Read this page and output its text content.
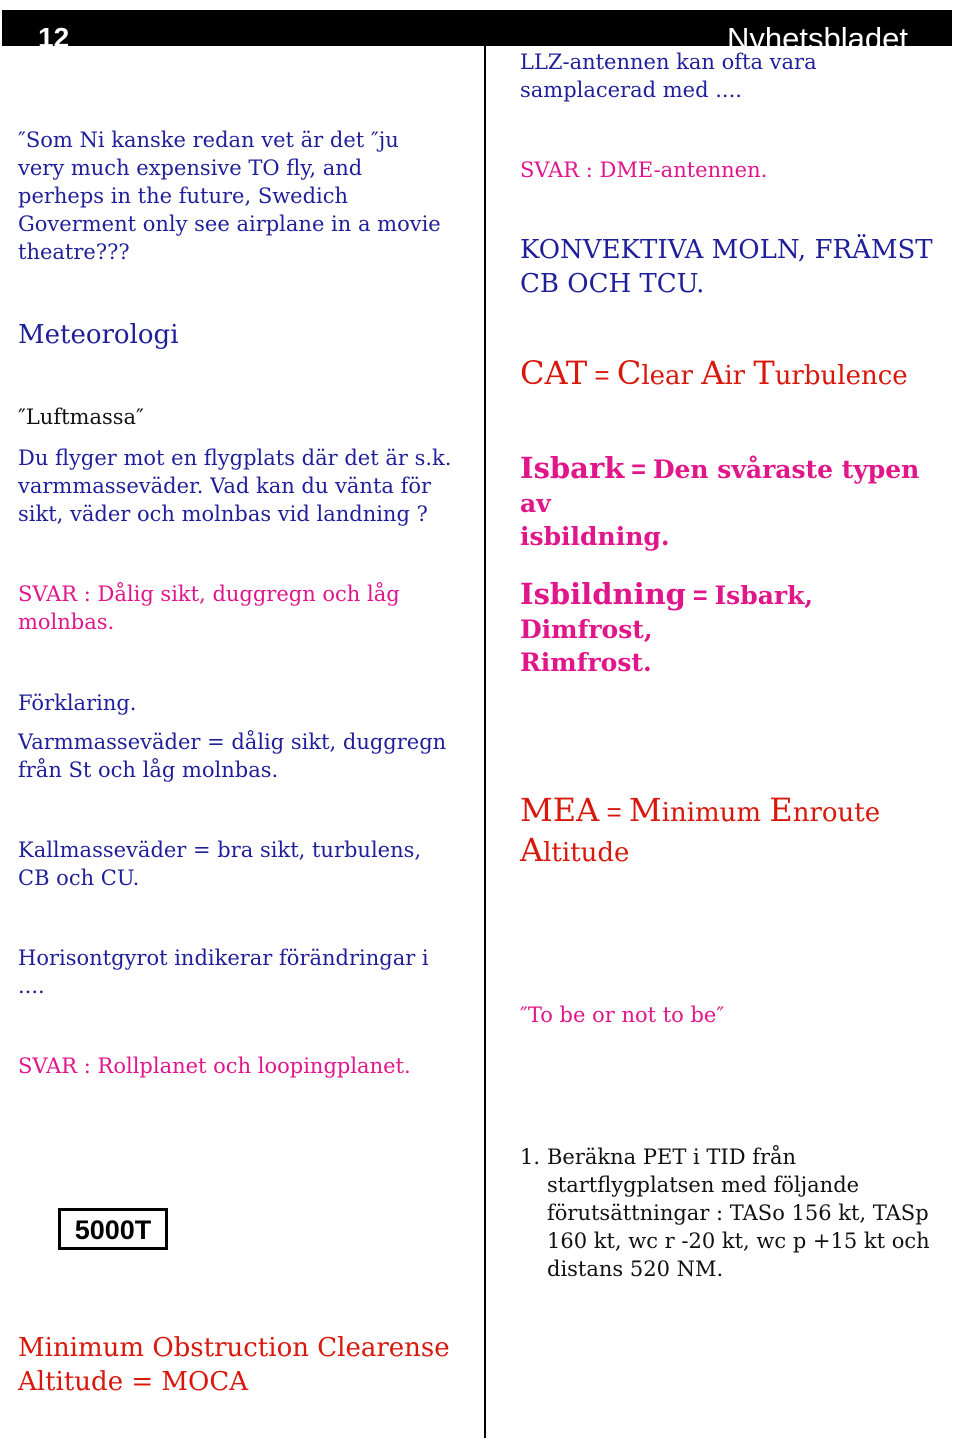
12	Nyhetsbladet
″Som Ni kanske redan vet är det ″ju
very much expensive TO fly, and
perheps in the future, Swedich
Goverment only see airplane in a movie
theatre???
Meteorologi
″Luftmassa″
Du flyger mot en flygplats där det är s.k.
varmmasseväder. Vad kan du vänta för
sikt, väder och molnbas vid landning ?
SVAR : Dålig sikt, duggregn och låg
molnbas.
Förklaring.
Varmmasseväder = dålig sikt, duggregn
från St och låg molnbas.
Kallmasseväder = bra sikt, turbulens,
CB och CU.
Horisontgyrot indikerar förändringar i
....
SVAR : Rollplanet och loopingplanet.
5000T
Minimum Obstruction Clearense
Altitude = MOCA
LLZ-antennen kan ofta vara
samplacerad med ....
SVAR : DME-antennen.
KONVEKTIVA MOLN, FRÄMST
CB OCH TCU.
CAT = Clear Air Turbulence
Isbark = Den svåraste typen av
isbildning.
Isbildning = Isbark, Dimfrost,
Rimfrost.
MEA = Minimum Enroute
Altitude
″To be or not to be″
1. Beräkna PET i TID från
startflygplatsen med följande
förutsättningar : TASo 156 kt, TASp
160 kt, wc r -20 kt, wc p +15 kt och
distans 520 NM.
